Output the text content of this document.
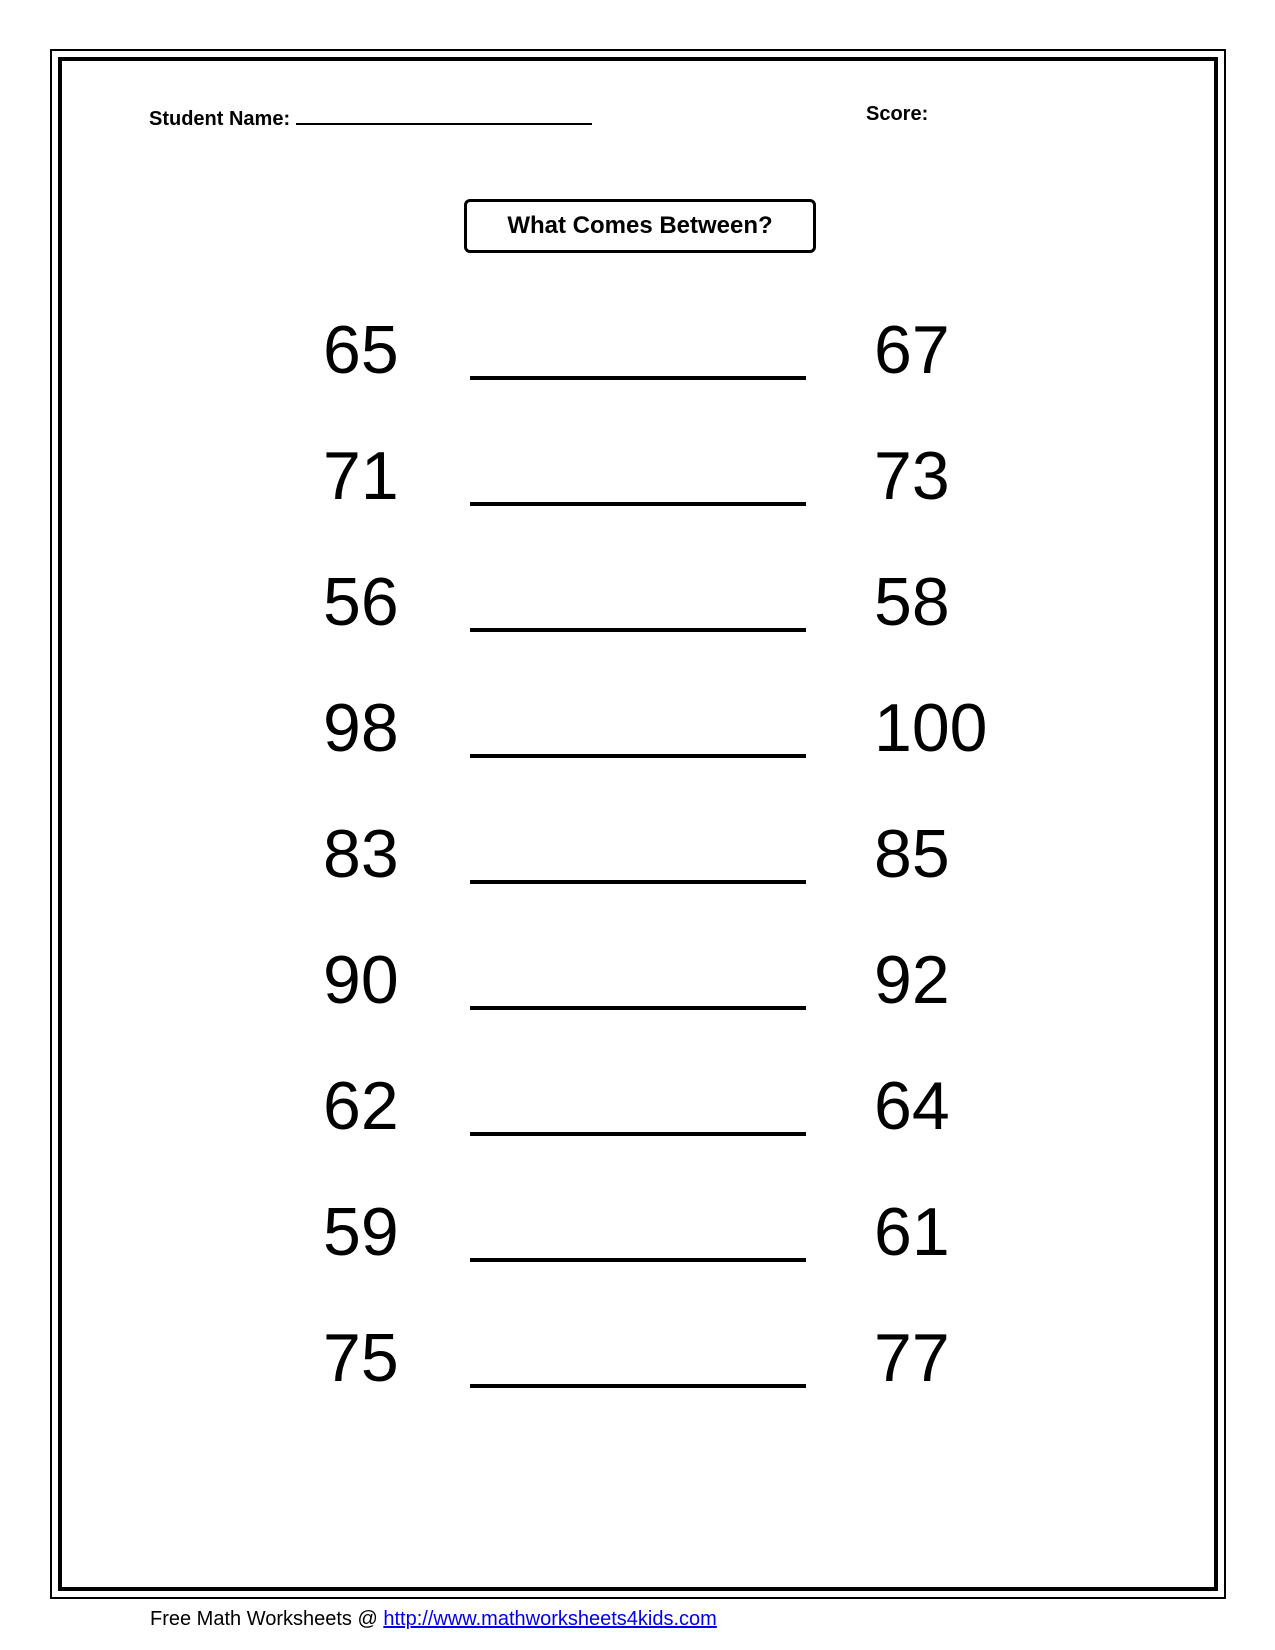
Student Name:	Score:
What Comes Between?
65	67
71	73
56	58
98	100
83	85
90	92
62	64
59	61
75	77
Free Math Worksheets @ http://www.mathworksheets4kids.com
